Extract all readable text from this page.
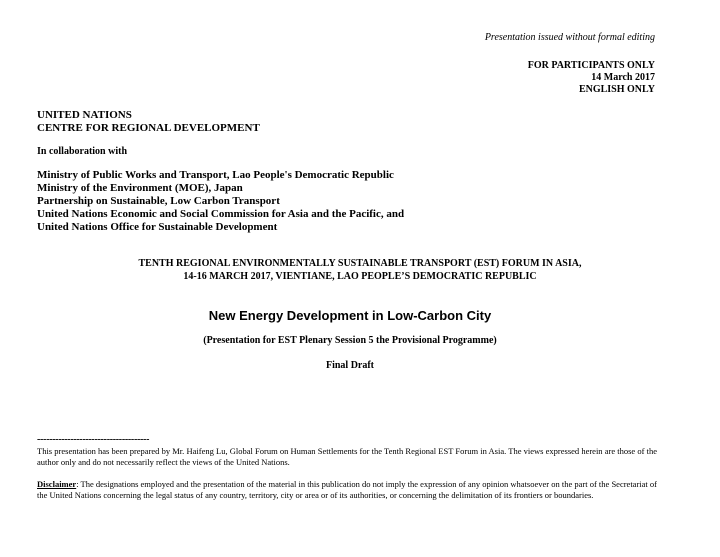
Presentation issued without formal editing
FOR PARTICIPANTS ONLY
14 March 2017
ENGLISH ONLY
UNITED NATIONS
CENTRE FOR REGIONAL DEVELOPMENT
In collaboration with
Ministry of Public Works and Transport, Lao People's Democratic Republic
Ministry of the Environment (MOE), Japan
Partnership on Sustainable, Low Carbon Transport
United Nations Economic and Social Commission for Asia and the Pacific, and
United Nations Office for Sustainable Development
TENTH REGIONAL ENVIRONMENTALLY SUSTAINABLE TRANSPORT (EST) FORUM IN ASIA,
14-16 MARCH 2017, VIENTIANE, LAO PEOPLE’S DEMOCRATIC REPUBLIC
New Energy Development in Low-Carbon City
(Presentation for EST Plenary Session 5 the Provisional Programme)
Final Draft
-------------------------------------
This presentation has been prepared by Mr. Haifeng Lu, Global Forum on Human Settlements for the Tenth Regional EST Forum in Asia. The views expressed herein are those of the author only and do not necessarily reflect the views of the United Nations.
Disclaimer: The designations employed and the presentation of the material in this publication do not imply the expression of any opinion whatsoever on the part of the Secretariat of the United Nations concerning the legal status of any country, territory, city or area or of its authorities, or concerning the delimitation of its frontiers or boundaries.
